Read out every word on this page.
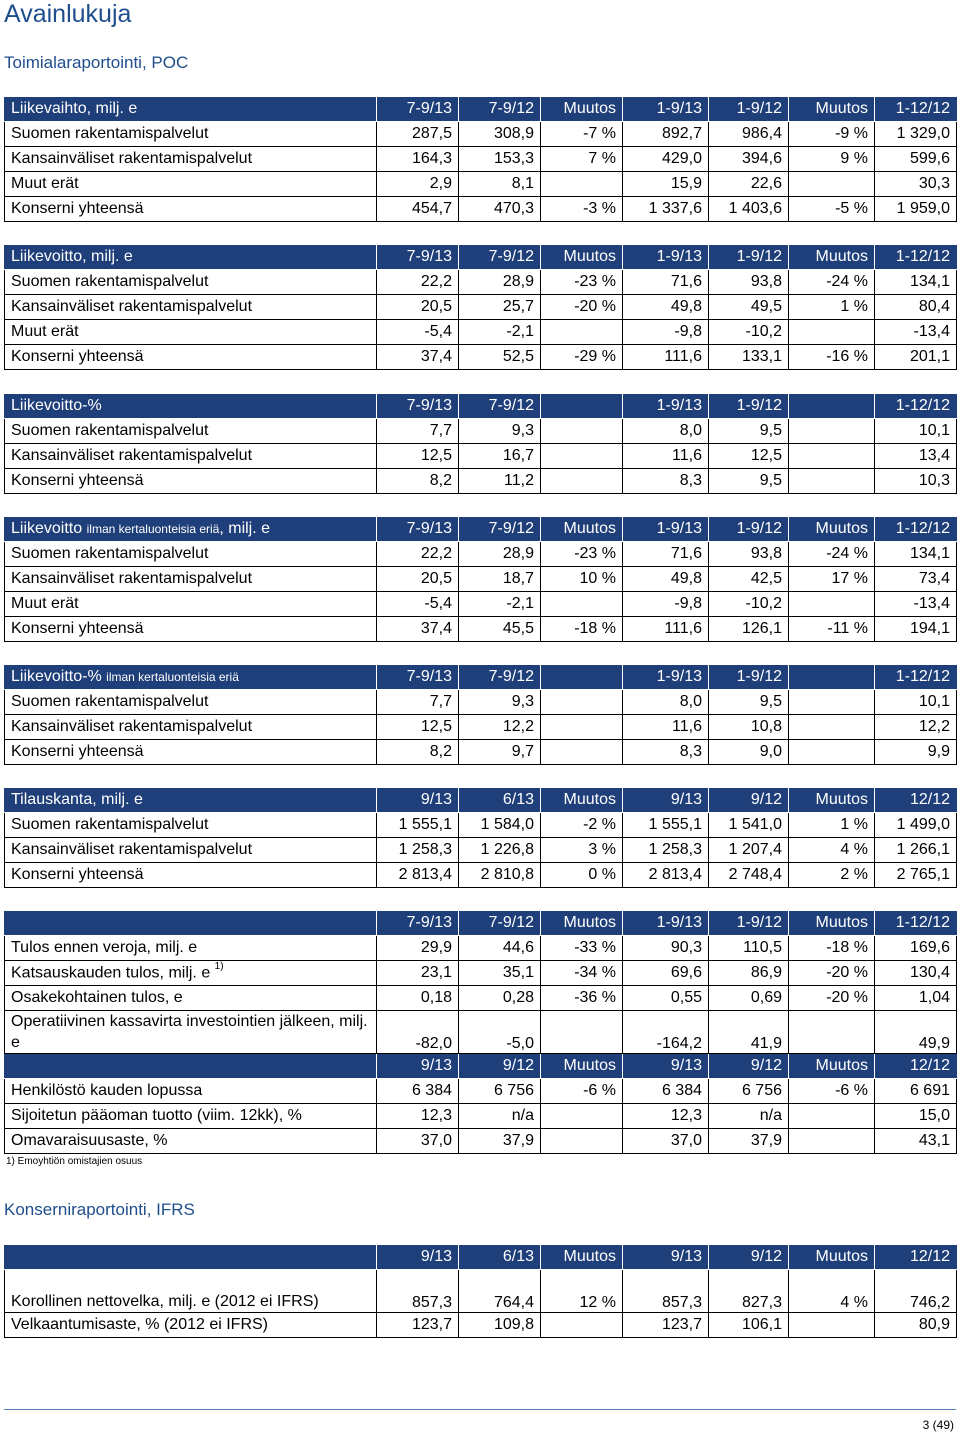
Avainlukuja
Toimialaraportointi, POC
Liikevaihto, milj. e	7-9/13	7-9/12	Muutos	1-9/13	1-9/12	Muutos	1-12/12
Suomen rakentamispalvelut	287,5	308,9	-7 %	892,7	986,4	-9 %	1 329,0
Kansainväliset rakentamispalvelut	164,3	153,3	7 %	429,0	394,6	9 %	599,6
Muut erät	2,9	8,1		15,9	22,6		30,3
Konserni yhteensä	454,7	470,3	-3 %	1 337,6	1 403,6	-5 %	1 959,0
Liikevoitto, milj. e	7-9/13	7-9/12	Muutos	1-9/13	1-9/12	Muutos	1-12/12
Suomen rakentamispalvelut	22,2	28,9	-23 %	71,6	93,8	-24 %	134,1
Kansainväliset rakentamispalvelut	20,5	25,7	-20 %	49,8	49,5	1 %	80,4
Muut erät	-5,4	-2,1		-9,8	-10,2		-13,4
Konserni yhteensä	37,4	52,5	-29 %	111,6	133,1	-16 %	201,1
Liikevoitto-%	7-9/13	7-9/12		1-9/13	1-9/12		1-12/12
Suomen rakentamispalvelut	7,7	9,3		8,0	9,5		10,1
Kansainväliset rakentamispalvelut	12,5	16,7		11,6	12,5		13,4
Konserni yhteensä	8,2	11,2		8,3	9,5		10,3
Liikevoitto ilman kertaluonteisia eriä, milj. e	7-9/13	7-9/12	Muutos	1-9/13	1-9/12	Muutos	1-12/12
Suomen rakentamispalvelut	22,2	28,9	-23 %	71,6	93,8	-24 %	134,1
Kansainväliset rakentamispalvelut	20,5	18,7	10 %	49,8	42,5	17 %	73,4
Muut erät	-5,4	-2,1		-9,8	-10,2		-13,4
Konserni yhteensä	37,4	45,5	-18 %	111,6	126,1	-11 %	194,1
Liikevoitto-% ilman kertaluonteisia eriä	7-9/13	7-9/12		1-9/13	1-9/12		1-12/12
Suomen rakentamispalvelut	7,7	9,3		8,0	9,5		10,1
Kansainväliset rakentamispalvelut	12,5	12,2		11,6	10,8		12,2
Konserni yhteensä	8,2	9,7		8,3	9,0		9,9
Tilauskanta, milj. e	9/13	6/13	Muutos	9/13	9/12	Muutos	12/12
Suomen rakentamispalvelut	1 555,1	1 584,0	-2 %	1 555,1	1 541,0	1 %	1 499,0
Kansainväliset rakentamispalvelut	1 258,3	1 226,8	3 %	1 258,3	1 207,4	4 %	1 266,1
Konserni yhteensä	2 813,4	2 810,8	0 %	2 813,4	2 748,4	2 %	2 765,1
	7-9/13	7-9/12	Muutos	1-9/13	1-9/12	Muutos	1-12/12
Tulos ennen veroja, milj. e	29,9	44,6	-33 %	90,3	110,5	-18 %	169,6
Katsauskauden tulos, milj. e $^{1)}$	23,1	35,1	-34 %	69,6	86,9	-20 %	130,4
Osakekohtainen tulos, e	0,18	0,28	-36 %	0,55	0,69	-20 %	1,04
Operatiivinen kassavirta investointien jälkeen, milj. e	-82,0	-5,0		-164,2	41,9		49,9
	9/13	9/12	Muutos	9/13	9/12	Muutos	12/12
Henkilöstö kauden lopussa	6 384	6 756	-6 %	6 384	6 756	-6 %	6 691
Sijoitetun pääoman tuotto (viim. 12kk), %	12,3	n/a		12,3	n/a		15,0
Omavaraisuusaste, %	37,0	37,9		37,0	37,9		43,1
	9/13	6/13	Muutos	9/13	9/12	Muutos	12/12
Korollinen nettovelka, milj. e (2012 ei IFRS)	857,3	764,4	12 %	857,3	827,3	4 %	746,2
Velkaantumisaste, % (2012 ei IFRS)	123,7	109,8		123,7	106,1		80,9
1) Emoyhtiön omistajien osuus
Konserniraportointi, IFRS
3 (49)
